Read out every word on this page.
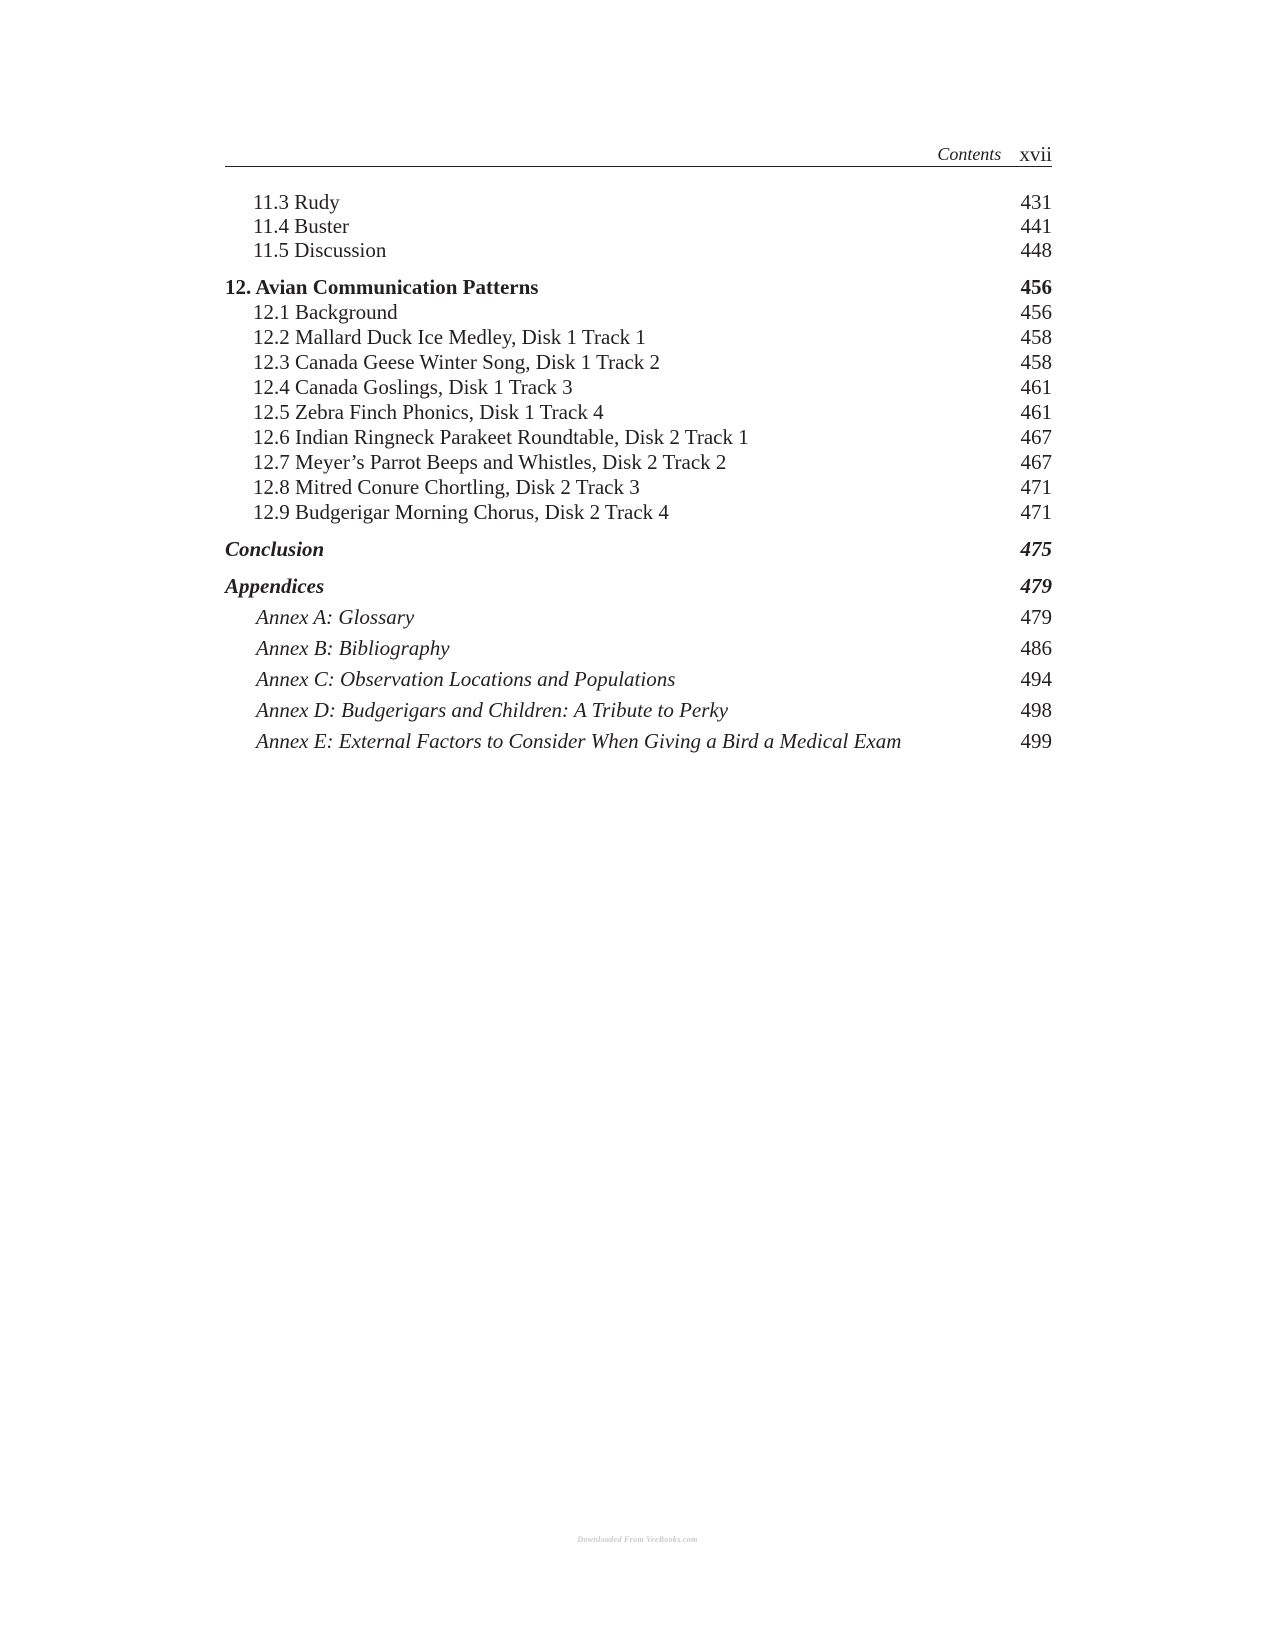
Contents xvii
11.3 Rudy	431
11.4 Buster	441
11.5 Discussion	448
12. Avian Communication Patterns	456
12.1 Background	456
12.2 Mallard Duck Ice Medley, Disk 1 Track 1	458
12.3 Canada Geese Winter Song, Disk 1 Track 2	458
12.4 Canada Goslings, Disk 1 Track 3	461
12.5 Zebra Finch Phonics, Disk 1 Track 4	461
12.6 Indian Ringneck Parakeet Roundtable, Disk 2 Track 1	467
12.7 Meyer’s Parrot Beeps and Whistles, Disk 2 Track 2	467
12.8 Mitred Conure Chortling, Disk 2 Track 3	471
12.9 Budgerigar Morning Chorus, Disk 2 Track 4	471
Conclusion	475
Appendices	479
Annex A: Glossary	479
Annex B: Bibliography	486
Annex C: Observation Locations and Populations	494
Annex D: Budgerigars and Children: A Tribute to Perky	498
Annex E: External Factors to Consider When Giving a Bird a Medical Exam	499
Downloaded From VeeBooks.com
